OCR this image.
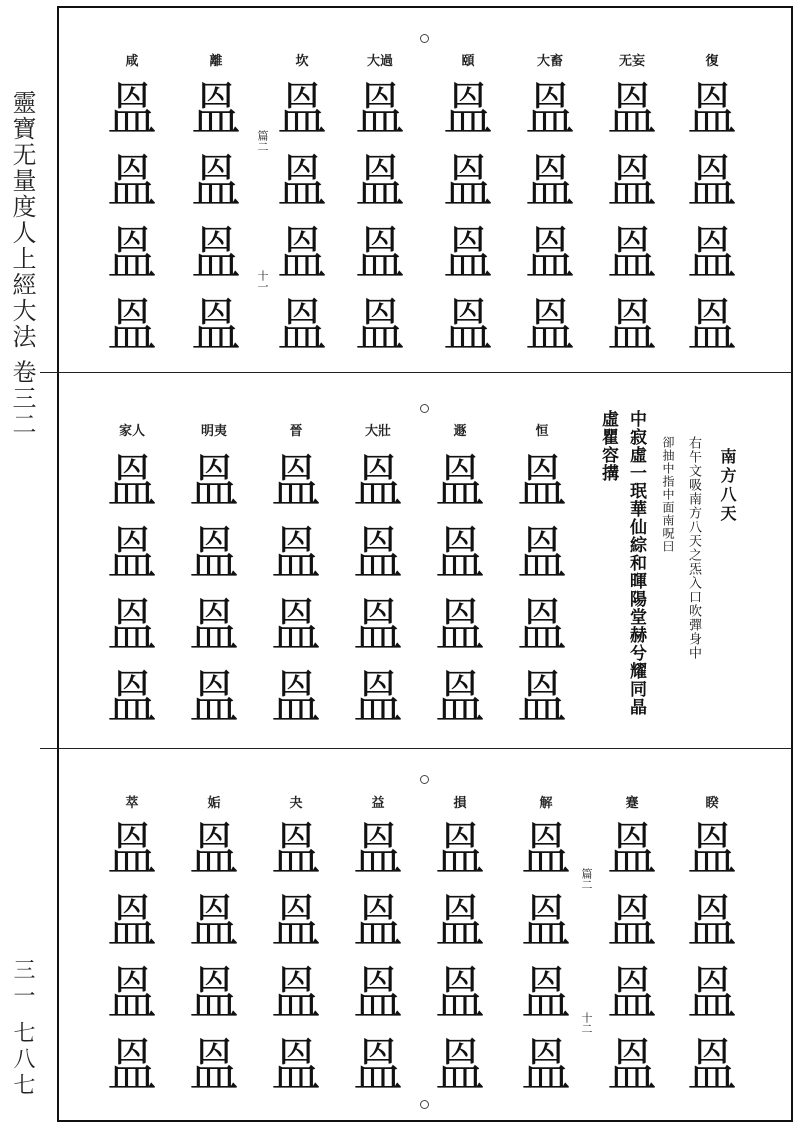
靈寶无量度人上經大法 卷三二
三一 七八七
復
𥁕
𥁕
𥁕
𥁕
无妄
𥁕
𥁕
𥁕
𥁕
大畜
𥁕
𥁕
𥁕
𥁕
頤
𥁕
𥁕
𥁕
𥁕
大過
𥁕
𥁕
𥁕
𥁕
坎
𥁕
𥁕
𥁕
𥁕
離
𥁕
𥁕
𥁕
𥁕
咸
𥁕
𥁕
𥁕
𥁕
篇二
十一
南方八天
右午文吸南方八天之炁入口吹彈身中
卻抽中指中面南呪曰
中寂虛一珉華仙綜和暉陽堂赫兮耀同晶
虛瞿容搆
恒
𥁕
𥁕
𥁕
𥁕
遯
𥁕
𥁕
𥁕
𥁕
大壯
𥁕
𥁕
𥁕
𥁕
晉
𥁕
𥁕
𥁕
𥁕
明夷
𥁕
𥁕
𥁕
𥁕
家人
𥁕
𥁕
𥁕
𥁕
睽
𥁕
𥁕
𥁕
𥁕
蹇
𥁕
𥁕
𥁕
𥁕
解
𥁕
𥁕
𥁕
𥁕
損
𥁕
𥁕
𥁕
𥁕
益
𥁕
𥁕
𥁕
𥁕
夬
𥁕
𥁕
𥁕
𥁕
姤
𥁕
𥁕
𥁕
𥁕
萃
𥁕
𥁕
𥁕
𥁕
篇二
十二
